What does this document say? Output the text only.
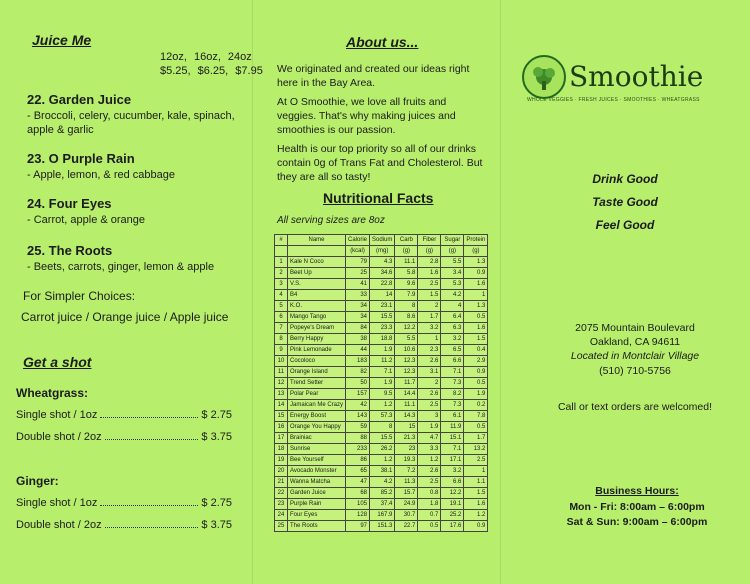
Juice Me
12oz, 16oz, 24oz
$5.25, $6.25, $7.95
22. Garden Juice
- Broccoli, celery, cucumber, kale, spinach, apple & garlic
23. O Purple Rain
- Apple, lemon, & red cabbage
24. Four Eyes
- Carrot, apple & orange
25. The Roots
- Beets, carrots, ginger, lemon & apple
For Simpler Choices:
Carrot juice / Orange juice / Apple juice
Get a shot
Wheatgrass:
Single shot / 1oz	$ 2.75
Double shot / 2oz	$ 3.75
Ginger:
Single shot / 1oz	$ 2.75
Double shot / 2oz	$ 3.75
About us...
We originated and created our ideas right here in the Bay Area.
At O Smoothie, we love all fruits and veggies. That's why making juices and smoothies is our passion.
Health is our top priority so all of our drinks contain 0g of Trans Fat and Cholesterol. But they are all so tasty!
Nutritional Facts
All serving sizes are 8oz
#	Name	Calorie	Sodium	Carb	Fiber	Sugar	Protein
		(kcal)	(mg)	(g)	(g)	(g)	(g)
1	Kale N Coco	79	4.3	11.1	2.8	5.5	1.3
2	Beet Up	25	34.6	5.8	1.6	3.4	0.9
3	V.S.	41	22.8	9.6	2.5	5.3	1.6
4	B4	33	14	7.9	1.5	4.2	1
5	K.O.	34	23.1	8	2	4	1.3
6	Mango Tango	34	15.5	8.6	1.7	6.4	0.5
7	Popeye's Dream	84	23.3	12.2	3.2	6.3	1.6
8	Berry Happy	38	18.8	5.5	1	3.2	1.5
9	Pink Lemonade	44	1.9	10.6	2.3	6.5	0.4
10	Cocoloco	183	11.2	12.3	2.6	6.6	2.9
11	Orange Island	82	7.1	12.3	3.1	7.1	0.9
12	Trend Setter	50	1.9	11.7	2	7.3	0.5
13	Polar Pear	157	9.5	14.4	2.6	8.2	1.9
14	Jamaican Me Crazy	42	1.2	11.1	2.5	7.3	0.2
15	Energy Boost	143	57.3	14.3	3	6.1	7.8
16	Orange You Happy	59	8	15	1.9	11.9	0.5
17	Brainiac	88	15.5	21.3	4.7	15.1	1.7
18	Sunrise	233	26.2	23	3.3	7.1	13.2
19	Bee Yourself	86	1.2	19.3	1.2	17.1	2.5
20	Avocado Monster	65	38.1	7.2	2.6	3.2	1
21	Wanna Matcha	47	4.2	11.3	2.5	6.6	1.1
22	Garden Juice	68	85.2	15.7	0.8	12.2	1.5
23	Purple Rain	105	37.4	24.9	1.8	19.1	1.6
24	Four Eyes	128	167.9	30.7	0.7	25.2	1.2
25	The Roots	97	151.3	22.7	0.5	17.6	0.9
Smoothie
WHOLE VEGGIES · FRESH JUICES · SMOOTHIES · WHEATGRASS
Drink Good
Taste Good
Feel Good
2075 Mountain Boulevard
Oakland, CA 94611
Located in Montclair Village
(510) 710-5756
Call or text orders are welcomed!
Business Hours:
Mon - Fri: 8:00am – 6:00pm
Sat & Sun: 9:00am – 6:00pm
